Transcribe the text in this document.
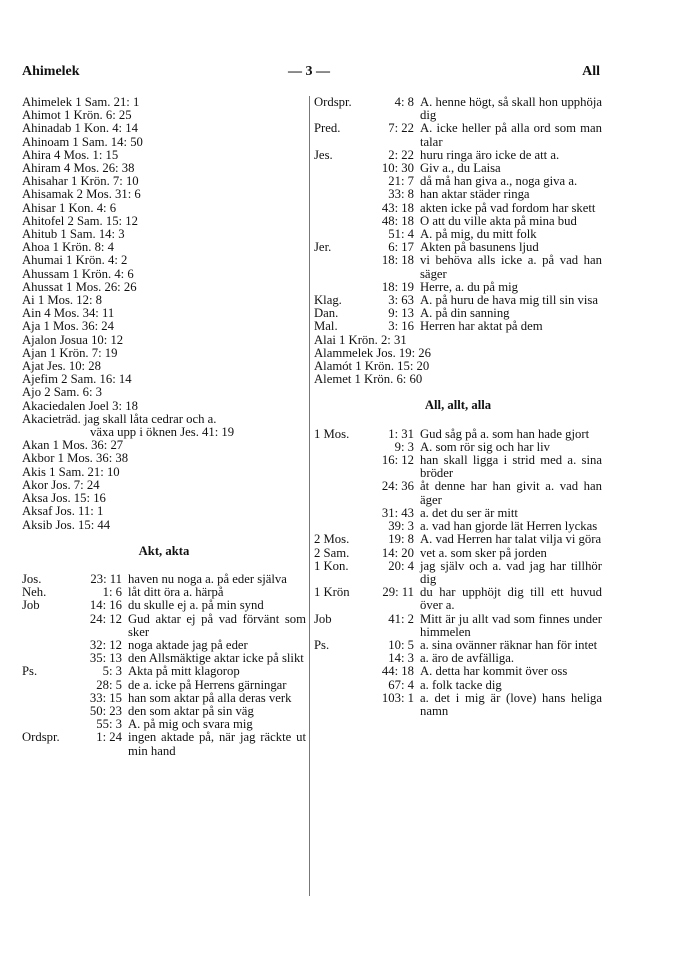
Ahimelek	— 3 —	All
Ahimelek 1 Sam. 21: 1
Ahimot 1 Krön. 6: 25
Ahinadab 1 Kon. 4: 14
Ahinoam 1 Sam. 14: 50
Ahira 4 Mos. 1: 15
Ahiram 4 Mos. 26: 38
Ahisahar 1 Krön. 7: 10
Ahisamak 2 Mos. 31: 6
Ahisar 1 Kon. 4: 6
Ahitofel 2 Sam. 15: 12
Ahitub 1 Sam. 14: 3
Ahoa 1 Krön. 8: 4
Ahumai 1 Krön. 4: 2
Ahussam 1 Krön. 4: 6
Ahussat 1 Mos. 26: 26
Ai 1 Mos. 12: 8
Ain 4 Mos. 34: 11
Aja 1 Mos. 36: 24
Ajalon Josua 10: 12
Ajan 1 Krön. 7: 19
Ajat Jes. 10: 28
Ajefim 2 Sam. 16: 14
Ajo 2 Sam. 6: 3
Akaciedalen Joel 3: 18
Akacieträd. jag skall låta cedrar och a.
växa upp i öknen Jes. 41: 19
Akan 1 Mos. 36: 27
Akbor 1 Mos. 36: 38
Akis 1 Sam. 21: 10
Akor Jos. 7: 24
Aksa Jos. 15: 16
Aksaf Jos. 11: 1
Aksib Jos. 15: 44
Akt, akta
Jos.	23: 11 haven nu noga a. på eder själva
Neh.	1: 6 låt ditt öra a. härpå
Job	14: 16 du skulle ej a. på min synd
24: 12 Gud aktar ej på vad förvänt som sker
32: 12 noga aktade jag på eder
35: 13 den Allsmäktige aktar icke på slikt
Ps.	5: 3 Akta på mitt klagorop
28: 5 de a. icke på Herrens gärningar
33: 15 han som aktar på alla deras verk
50: 23 den som aktar på sin väg
55: 3 A. på mig och svara mig
Ordspr.	1: 24 ingen aktade på, när jag räckte ut min hand
Ordspr.	4: 8 A. henne högt, så skall hon upphöja dig
Pred.	7: 22 A. icke heller på alla ord som man talar
Jes.	2: 22 huru ringa äro icke de att a.
10: 30 Giv a., du Laisa
21: 7 då må han giva a., noga giva a.
33: 8 han aktar städer ringa
43: 18 akten icke på vad fordom har skett
48: 18 O att du ville akta på mina bud
51: 4 A. på mig, du mitt folk
Jer.	6: 17 Akten på basunens ljud
18: 18 vi behöva alls icke a. på vad han säger
18: 19 Herre, a. du på mig
Klag.	3: 63 A. på huru de hava mig till sin visa
Dan.	9: 13 A. på din sanning
Mal.	3: 16 Herren har aktat på dem
Alai 1 Krön. 2: 31
Alammelek Jos. 19: 26
Alamót 1 Krön. 15: 20
Alemet 1 Krön. 6: 60
All, allt, alla
1 Mos.	1: 31 Gud såg på a. som han hade gjort
9: 3 A. som rör sig och har liv
16: 12 han skall ligga i strid med a. sina bröder
24: 36 åt denne har han givit a. vad han äger
31: 43 a. det du ser är mitt
39: 3 a. vad han gjorde lät Herren lyckas
2 Mos.	19: 8 A. vad Herren har talat vilja vi göra
2 Sam.	14: 20 vet a. som sker på jorden
1 Kon.	20: 4 jag själv och a. vad jag har tillhör dig
1 Krön	29: 11 du har upphöjt dig till ett huvud över a.
Job	41: 2 Mitt är ju allt vad som finnes under himmelen
Ps.	10: 5 a. sina ovänner räknar han för intet
14: 3 a. äro de avfälliga.
44: 18 A. detta har kommit över oss
67: 4 a. folk tacke dig
103: 1 a. det i mig är (love) hans heliga namn
